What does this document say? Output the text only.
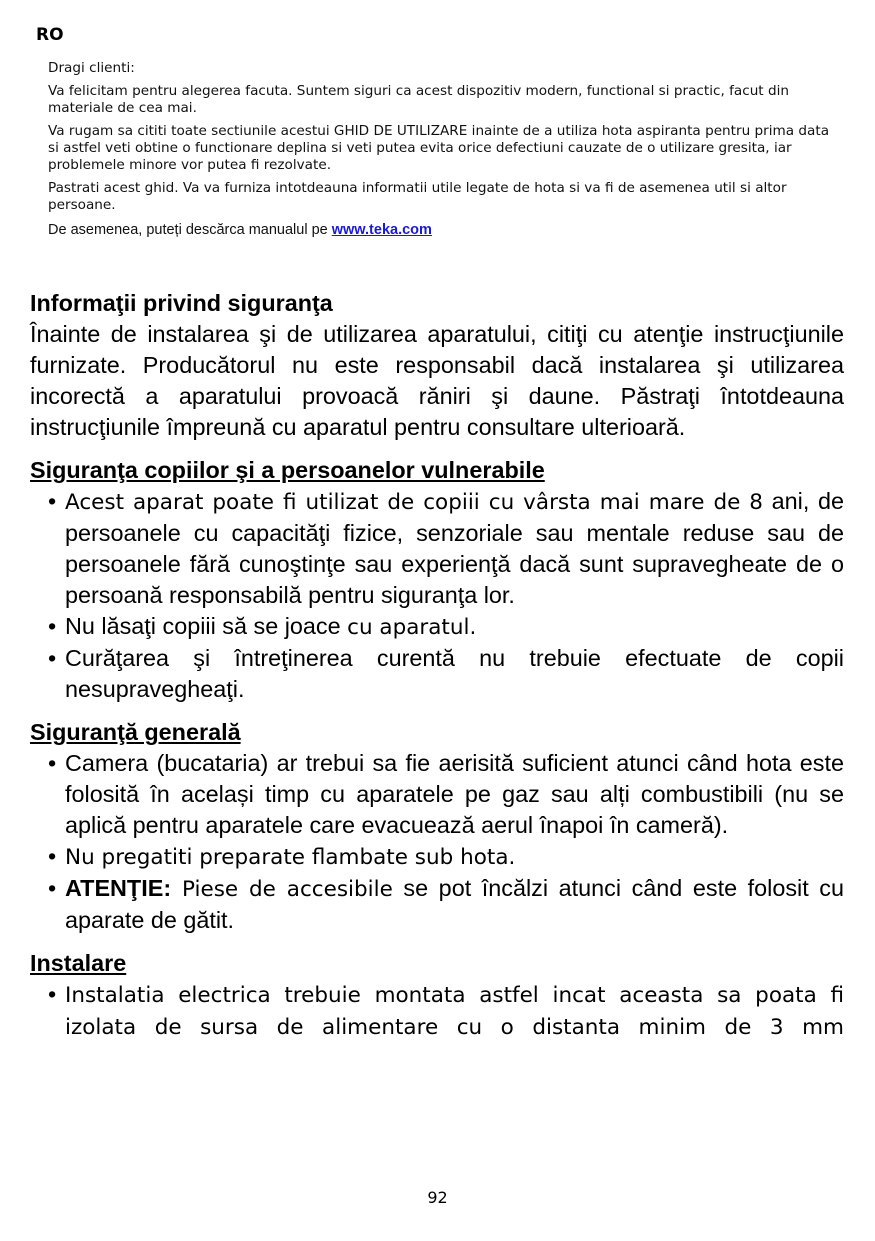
RO

Dragi clienti:

Va felicitam pentru alegerea facuta. Suntem siguri ca acest dispozitiv modern, functional si practic, facut din materiale de cea mai.

Va rugam sa cititi toate sectiunile acestui GHID DE UTILIZARE inainte de a utiliza hota aspiranta pentru prima data si astfel veti obtine o functionare deplina si veti putea evita orice defectiuni cauzate de o utilizare gresita, iar problemele minore vor putea fi rezolvate.

Pastrati acest ghid. Va va furniza intotdeauna informatii utile legate de hota si va fi de asemenea util si altor persoane.

De asemenea, puteți descărca manualul pe www.teka.com

Informaţii privind siguranţa

Înainte de instalarea şi de utilizarea aparatului, citiţi cu atenţie instrucţiunile furnizate. Producătorul nu este responsabil dacă instalarea şi utilizarea incorectă a aparatului provoacă răniri şi daune. Păstraţi întotdeauna instrucţiunile împreună cu aparatul pentru consultare ulterioară.

Siguranţa copiilor şi a persoanelor vulnerabile
• Acest aparat poate fi utilizat de copiii cu vârsta mai mare de 8 ani, de persoanele cu capacităţi fizice, senzoriale sau mentale reduse sau de persoanele fără cunoştinţe sau experienţă dacă sunt supravegheate de o persoană responsabilă pentru siguranţa lor.
• Nu lăsaţi copiii să se joace cu aparatul.
• Curăţarea şi întreţinerea curentă nu trebuie efectuate de copii nesupravegheaţi.
Siguranţă generală
• Camera (bucataria) ar trebui sa fie aerisită suficient atunci când hota este folosită în același timp cu aparatele pe gaz sau alți combustibili (nu se aplică pentru aparatele care evacuează aerul înapoi în cameră).
• Nu pregatiti preparate flambate sub hota.
• ATENŢIE: Piese de accesibile se pot încălzi atunci când este folosit cu aparate de gătit.
Instalare
• Instalatia electrica trebuie montata astfel incat aceasta sa poata fi izolata de sursa de alimentare cu o distanta minim de 3 mm
92
